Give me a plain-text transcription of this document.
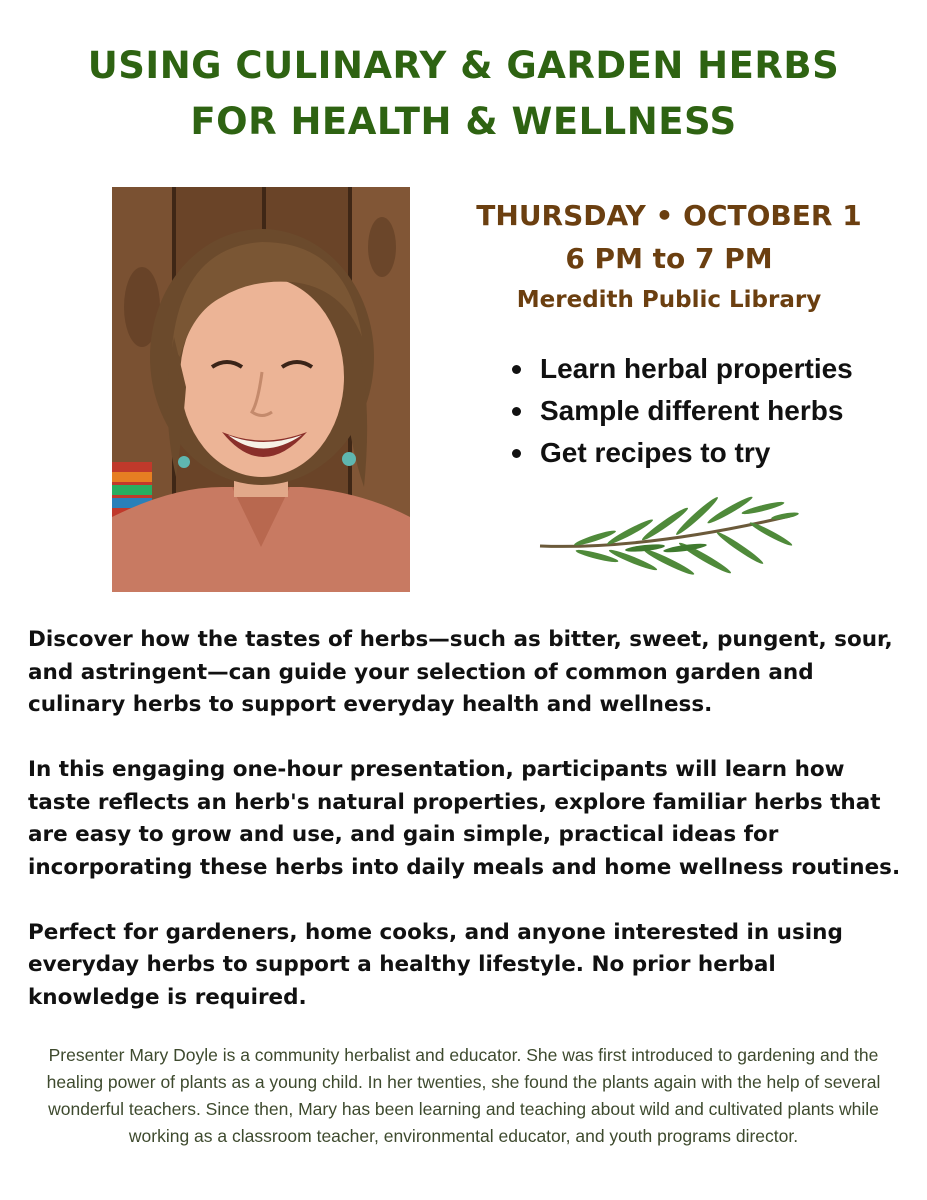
USING CULINARY & GARDEN HERBS
FOR HEALTH & WELLNESS
THURSDAY • OCTOBER 1
6 PM to 7 PM
Meredith Public Library
Learn herbal properties
Sample different herbs
Get recipes to try

Discover how the tastes of herbs—such as bitter, sweet, pungent, sour, and astringent—can guide your selection of common garden and culinary herbs to support everyday health and wellness.

In this engaging one-hour presentation, participants will learn how taste reflects an herb's natural properties, explore familiar herbs that are easy to grow and use, and gain simple, practical ideas for incorporating these herbs into daily meals and home wellness routines.

Perfect for gardeners, home cooks, and anyone interested in using everyday herbs to support a healthy lifestyle. No prior herbal knowledge is required.

Presenter Mary Doyle is a community herbalist and educator. She was first introduced to gardening and the healing power of plants as a young child. In her twenties, she found the plants again with the help of several wonderful teachers. Since then, Mary has been learning and teaching about wild and cultivated plants while working as a classroom teacher, environmental educator, and youth programs director.
